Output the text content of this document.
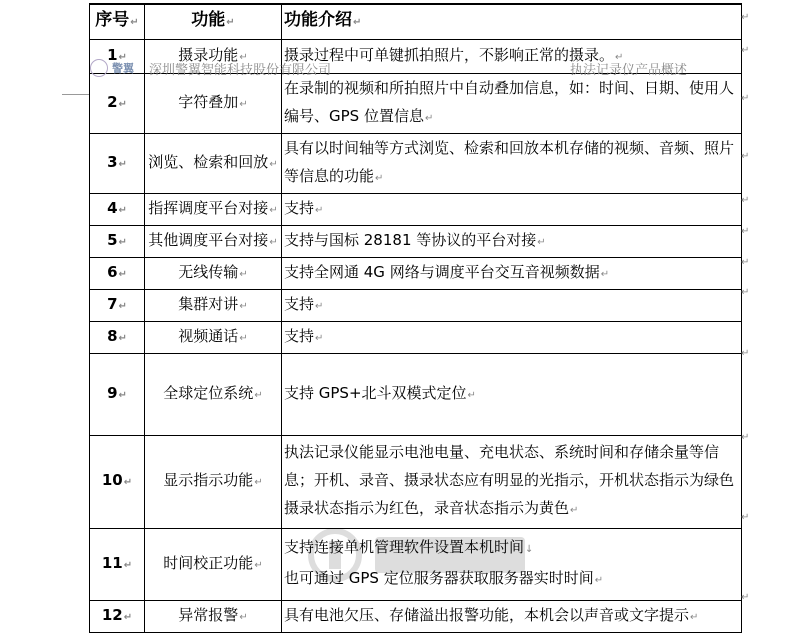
序号↵	功能↵	功能介绍↵
1↵	摄录功能↵	摄录过程中可单键抓拍照片，不影响正常的摄录。↵
2↵	字符叠加↵	在录制的视频和所拍照片中自动叠加信息，如：时间、日期、使用人编号、GPS 位置信息↵
3↵	浏览、检索和回放↵	具有以时间轴等方式浏览、检索和回放本机存储的视频、音频、照片等信息的功能↵
4↵	指挥调度平台对接↵	支持↵
5↵	其他调度平台对接↵	支持与国标 28181 等协议的平台对接↵
6↵	无线传输↵	支持全网通 4G 网络与调度平台交互音视频数据↵
7↵	集群对讲↵	支持↵
8↵	视频通话↵	支持↵
9↵	全球定位系统↵	支持 GPS+北斗双模式定位↵
10↵	显示指示功能↵	执法记录仪能显示电池电量、充电状态、系统时间和存储余量等信息；开机、录音、摄录状态应有明显的光指示，开机状态指示为绿色摄录状态指示为红色，录音状态指示为黄色↵
11↵	时间校正功能↵	支持连接单机管理软件设置本机时间↓
也可通过 GPS 定位服务器获取服务器实时时间↵
12↵	异常报警↵	具有电池欠压、存储溢出报警功能，本机会以声音或文字提示↵
↵
↵
↵
↵
↵
↵
↵
↵
↵
↵
↵
↵
警翼 深圳警翼智能科技股份有限公司	执法记录仪产品概述
